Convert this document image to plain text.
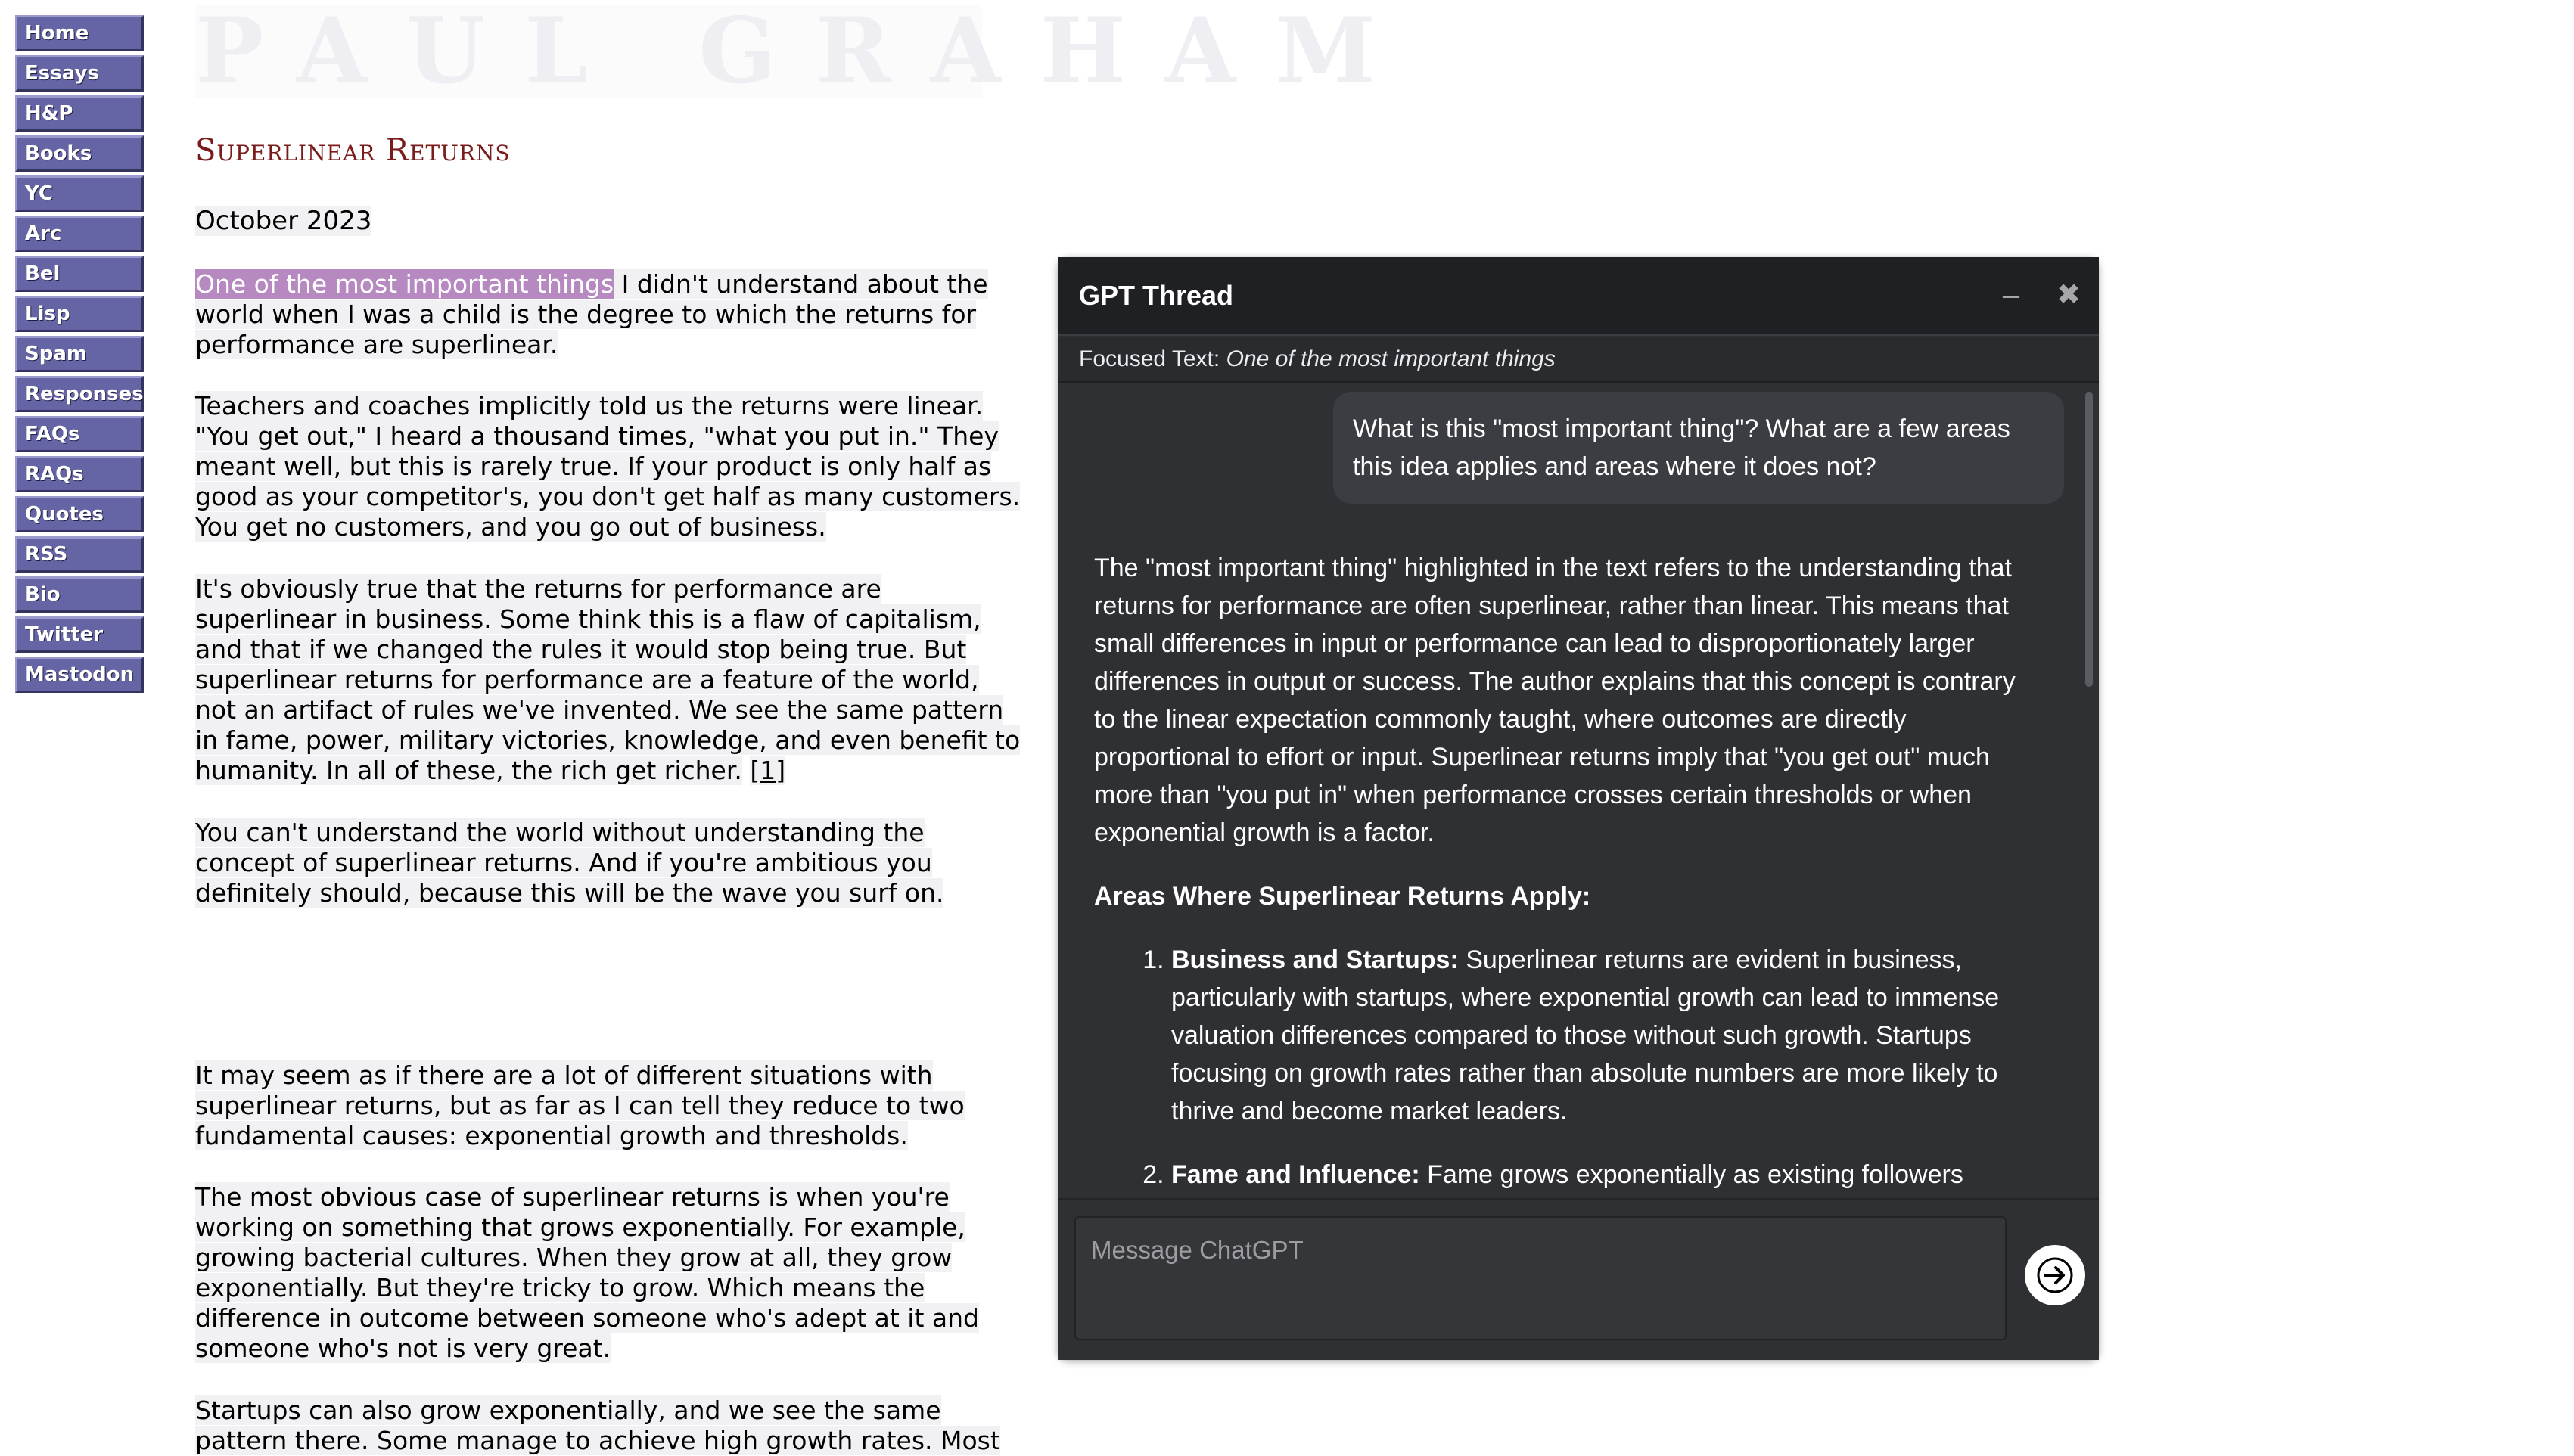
Home
Essays
H&P
Books
YC
Arc
Bel
Lisp
Spam
Responses
FAQs
RAQs
Quotes
RSS
Bio
Twitter
Mastodon
PAUL GRAHAM
Superlinear Returns
October 2023

One of the most important things I didn't understand about the world when I was a child is the degree to which the returns for performance are superlinear.

Teachers and coaches implicitly told us the returns were linear. "You get out," I heard a thousand times, "what you put in." They meant well, but this is rarely true. If your product is only half as good as your competitor's, you don't get half as many customers. You get no customers, and you go out of business.

It's obviously true that the returns for performance are superlinear in business. Some think this is a flaw of capitalism, and that if we changed the rules it would stop being true. But superlinear returns for performance are a feature of the world, not an artifact of rules we've invented. We see the same pattern in fame, power, military victories, knowledge, and even benefit to humanity. In all of these, the rich get richer. [1]

You can't understand the world without understanding the concept of superlinear returns. And if you're ambitious you definitely should, because this will be the wave you surf on.

It may seem as if there are a lot of different situations with superlinear returns, but as far as I can tell they reduce to two fundamental causes: exponential growth and thresholds.

The most obvious case of superlinear returns is when you're working on something that grows exponentially. For example, growing bacterial cultures. When they grow at all, they grow exponentially. But they're tricky to grow. Which means the difference in outcome between someone who's adept at it and someone who's not is very great.

Startups can also grow exponentially, and we see the same pattern there. Some manage to achieve high growth rates. Most

GPT Thread	–	✖
Focused Text: One of the most important things
What is this "most important thing"? What are a few areas this idea applies and areas where it does not?

The "most important thing" highlighted in the text refers to the understanding that returns for performance are often superlinear, rather than linear. This means that small differences in input or performance can lead to disproportionately larger differences in output or success. The author explains that this concept is contrary to the linear expectation commonly taught, where outcomes are directly proportional to effort or input. Superlinear returns imply that "you get out" much more than "you put in" when performance crosses certain thresholds or when exponential growth is a factor.

Areas Where Superlinear Returns Apply:
1. Business and Startups: Superlinear returns are evident in business, particularly with startups, where exponential growth can lead to immense valuation differences compared to those without such growth. Startups focusing on growth rates rather than absolute numbers are more likely to thrive and become market leaders.
2. Fame and Influence: Fame grows exponentially as existing followers
Message ChatGPT
